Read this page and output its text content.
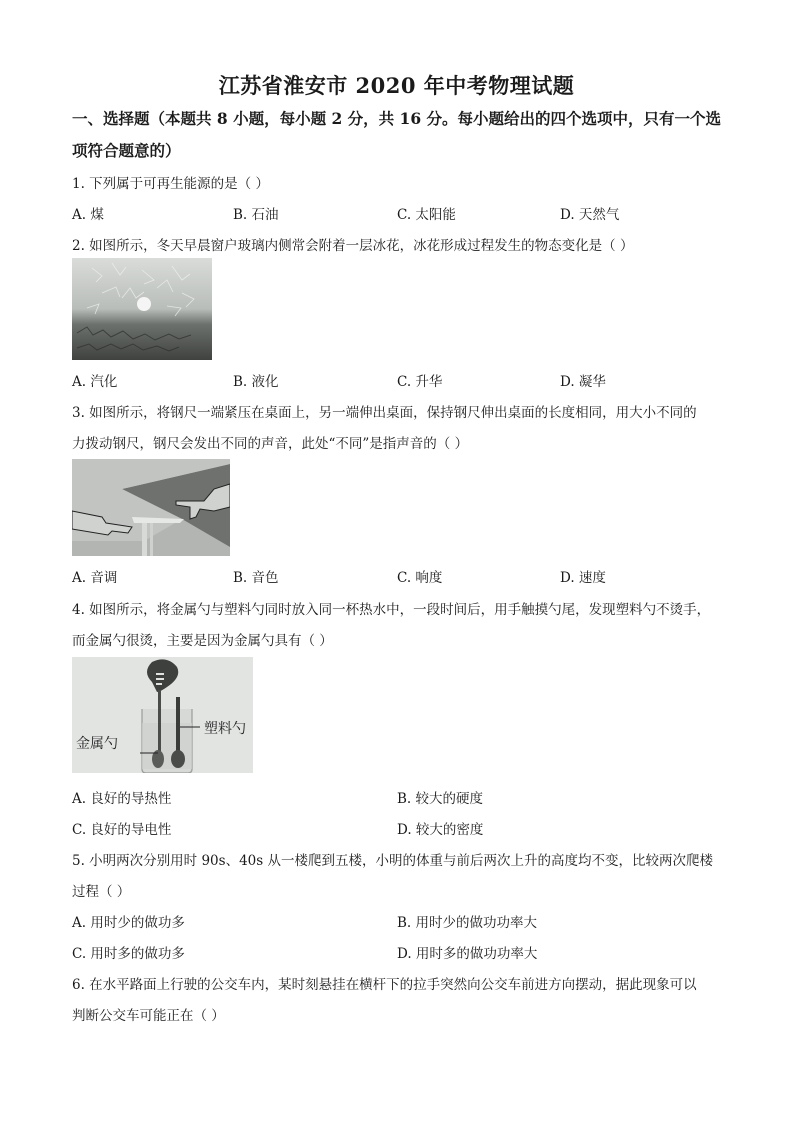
江苏省淮安市 2020 年中考物理试题
一、选择题（本题共 8 小题，每小题 2 分，共 16 分。每小题给出的四个选项中，只有一个选
项符合题意的）
1. 下列属于可再生能源的是（ ）
A. 煤	B. 石油	C. 太阳能	D. 天然气
2. 如图所示，冬天早晨窗户玻璃内侧常会附着一层冰花，冰花形成过程发生的物态变化是（ ）
A. 汽化	B. 液化	C. 升华	D. 凝华
3. 如图所示，将钢尺一端紧压在桌面上，另一端伸出桌面，保持钢尺伸出桌面的长度相同，用大小不同的
力拨动钢尺，钢尺会发出不同的声音，此处“不同”是指声音的（ ）
A. 音调	B. 音色	C. 响度	D. 速度
4. 如图所示，将金属勺与塑料勺同时放入同一杯热水中，一段时间后，用手触摸勺尾，发现塑料勺不烫手，
而金属勺很烫，主要是因为金属勺具有（ ）
塑料勺
金属勺
A. 良好的导热性	B. 较大的硬度
C. 良好的导电性	D. 较大的密度
5. 小明两次分别用时 90s、40s 从一楼爬到五楼，小明的体重与前后两次上升的高度均不变，比较两次爬楼
过程（ ）
A. 用时少的做功多	B. 用时少的做功功率大
C. 用时多的做功多	D. 用时多的做功功率大
6. 在水平路面上行驶的公交车内，某时刻悬挂在横杆下的拉手突然向公交车前进方向摆动，据此现象可以
判断公交车可能正在（ ）
